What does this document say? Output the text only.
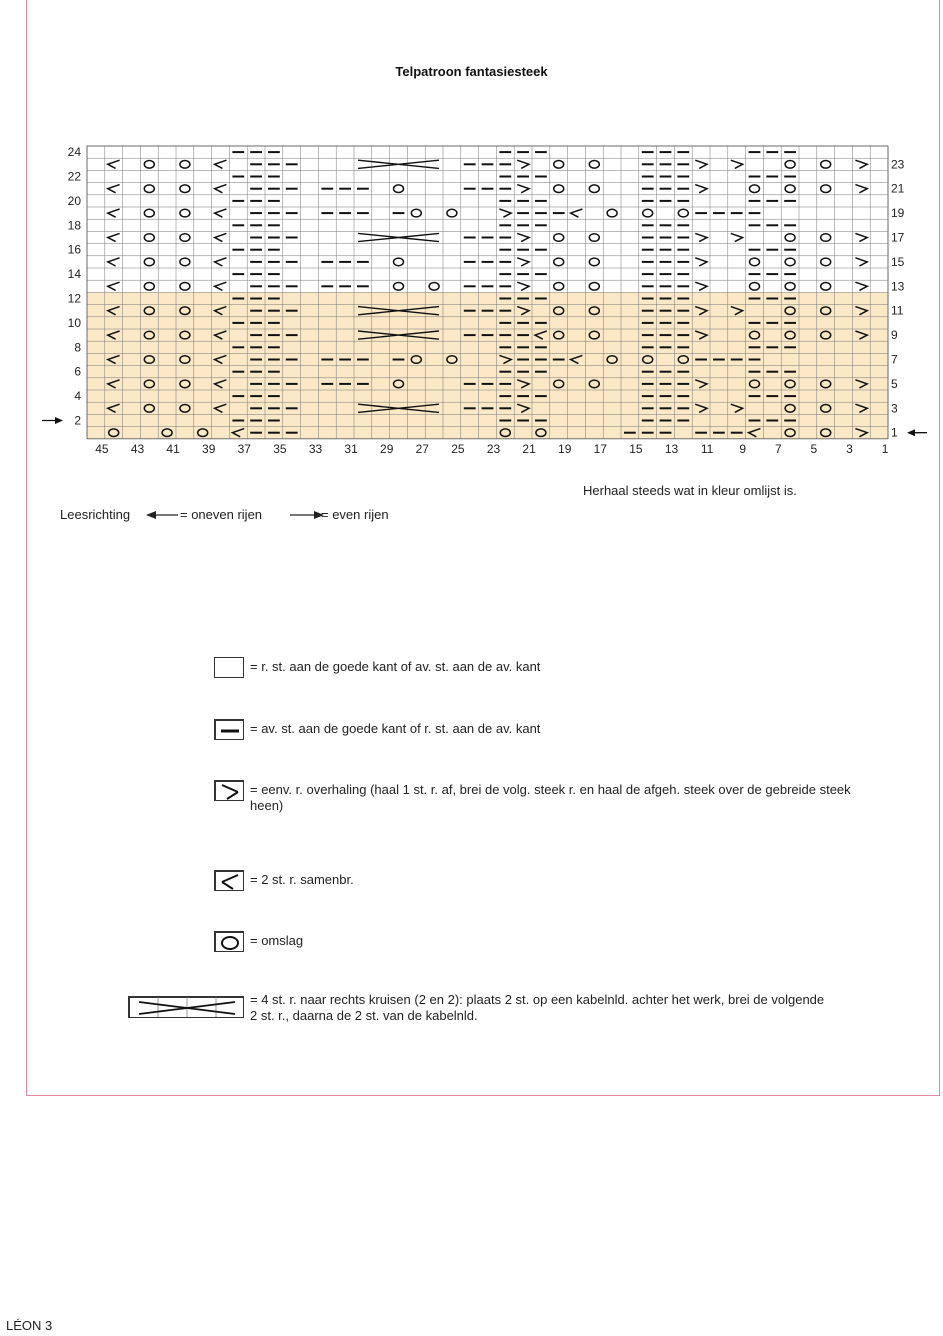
Telpatroon fantasiesteek
2
4
6
8
10
12
14
16
18
20
22
24
1
3
5
7
9
11
13
15
17
19
21
23
45 43 41 39 37 35 33 31 29 27 25 23 21 19 17 15 13 11 9 7 5 3 1
Herhaal steeds wat in kleur omlijst is.
Leesrichting	= oneven rijen	= even rijen
= r. st. aan de goede kant of av. st. aan de av. kant
= av. st. aan de goede kant of r. st. aan de av. kant
= eenv. r. overhaling (haal 1 st. r. af, brei de volg. steek r. en haal de afgeh. steek over de gebreide steek heen)
= 2 st. r. samenbr.
= omslag
= 4 st. r. naar rechts kruisen (2 en 2): plaats 2 st. op een kabelnld. achter het werk, brei de volgende 2 st. r., daarna de 2 st. van de kabelnld.
LÉON 3
